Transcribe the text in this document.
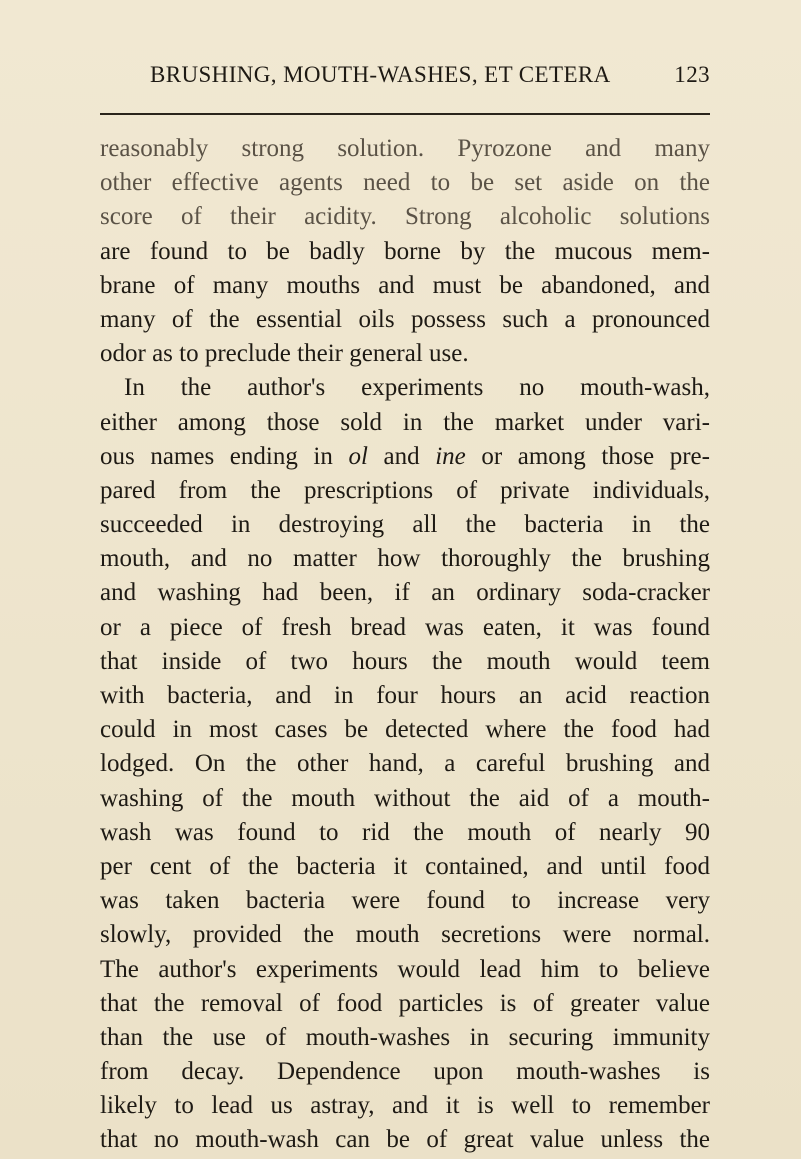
BRUSHING, MOUTH-WASHES, ET CETERA	123
reasonably strong solution. Pyrozone and many
other effective agents need to be set aside on the
score of their acidity. Strong alcoholic solutions
are found to be badly borne by the mucous mem-
brane of many mouths and must be abandoned, and
many of the essential oils possess such a pronounced
odor as to preclude their general use.
In the author's experiments no mouth-wash,
either among those sold in the market under vari-
ous names ending in ol and ine or among those pre-
pared from the prescriptions of private individuals,
succeeded in destroying all the bacteria in the
mouth, and no matter how thoroughly the brushing
and washing had been, if an ordinary soda-cracker
or a piece of fresh bread was eaten, it was found
that inside of two hours the mouth would teem
with bacteria, and in four hours an acid reaction
could in most cases be detected where the food had
lodged. On the other hand, a careful brushing and
washing of the mouth without the aid of a mouth-
wash was found to rid the mouth of nearly 90
per cent of the bacteria it contained, and until food
was taken bacteria were found to increase very
slowly, provided the mouth secretions were normal.
The author's experiments would lead him to believe
that the removal of food particles is of greater value
than the use of mouth-washes in securing immunity
from decay. Dependence upon mouth-washes is
likely to lead us astray, and it is well to remember
that no mouth-wash can be of great value unless the
